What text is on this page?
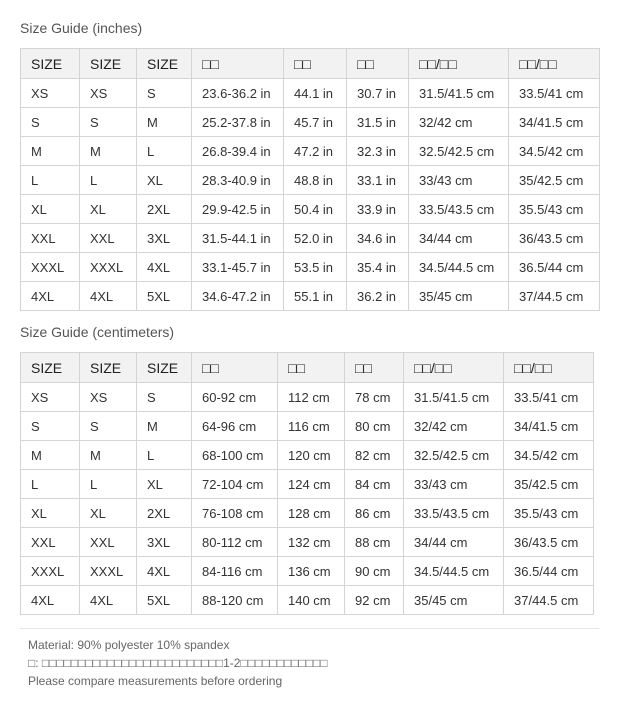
Size Guide (inches)
SIZE	SIZE	SIZE	□□	□□	□□	□□/□□	□□/□□
XS	XS	S	23.6-36.2 in	44.1 in	30.7 in	31.5/41.5 cm	33.5/41 cm
S	S	M	25.2-37.8 in	45.7 in	31.5 in	32/42 cm	34/41.5 cm
M	M	L	26.8-39.4 in	47.2 in	32.3 in	32.5/42.5 cm	34.5/42 cm
L	L	XL	28.3-40.9 in	48.8 in	33.1 in	33/43 cm	35/42.5 cm
XL	XL	2XL	29.9-42.5 in	50.4 in	33.9 in	33.5/43.5 cm	35.5/43 cm
XXL	XXL	3XL	31.5-44.1 in	52.0 in	34.6 in	34/44 cm	36/43.5 cm
XXXL	XXXL	4XL	33.1-45.7 in	53.5 in	35.4 in	34.5/44.5 cm	36.5/44 cm
4XL	4XL	5XL	34.6-47.2 in	55.1 in	36.2 in	35/45 cm	37/44.5 cm
Size Guide (centimeters)
SIZE	SIZE	SIZE	□□	□□	□□	□□/□□	□□/□□
XS	XS	S	60-92 cm	112 cm	78 cm	31.5/41.5 cm	33.5/41 cm
S	S	M	64-96 cm	116 cm	80 cm	32/42 cm	34/41.5 cm
M	M	L	68-100 cm	120 cm	82 cm	32.5/42.5 cm	34.5/42 cm
L	L	XL	72-104 cm	124 cm	84 cm	33/43 cm	35/42.5 cm
XL	XL	2XL	76-108 cm	128 cm	86 cm	33.5/43.5 cm	35.5/43 cm
XXL	XXL	3XL	80-112 cm	132 cm	88 cm	34/44 cm	36/43.5 cm
XXXL	XXXL	4XL	84-116 cm	136 cm	90 cm	34.5/44.5 cm	36.5/44 cm
4XL	4XL	5XL	88-120 cm	140 cm	92 cm	35/45 cm	37/44.5 cm
Material: 90% polyester 10% spandex
□: □□□□□□□□□□□□□□□□□□□□□□□□□1-2□□□□□□□□□□□□
Please compare measurements before ordering
